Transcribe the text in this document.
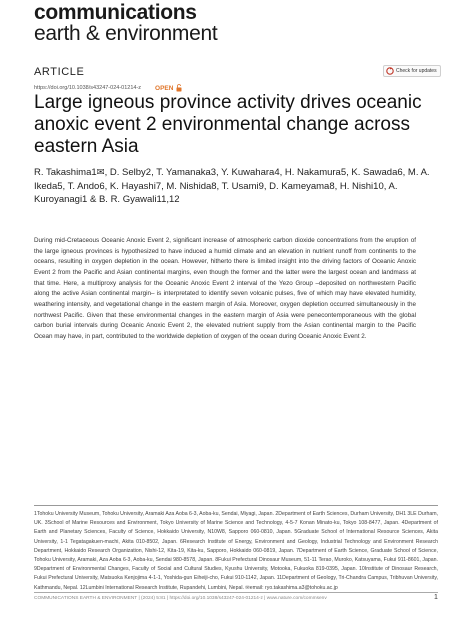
communications
earth & environment
ARTICLE	Check for updates
https://doi.org/10.1038/s43247-024-01214-z OPEN
Large igneous province activity drives oceanic anoxic event 2 environmental change across eastern Asia
R. Takashima1✉, D. Selby2, T. Yamanaka3, Y. Kuwahara4, H. Nakamura5, K. Sawada6, M. A. Ikeda5, T. Ando6, K. Hayashi7, M. Nishida8, T. Usami9, D. Kameyama8, H. Nishi10, A. Kuroyanagi1 & B. R. Gyawali11,12
During mid-Cretaceous Oceanic Anoxic Event 2, significant increase of atmospheric carbon dioxide concentrations from the eruption of the large igneous provinces is hypothesized to have induced a humid climate and an elevation in nutrient runoff from continents to the oceans, resulting in oxygen depletion in the ocean. However, hitherto there is limited insight into the driving factors of Oceanic Anoxic Event 2 from the Pacific and Asian continental margins, even though the former and the latter were the largest ocean and landmass at that time. Here, a multiproxy analysis for the Oceanic Anoxic Event 2 interval of the Yezo Group –deposited on northwestern Pacific along the active Asian continental margin– is interpretated to identify seven volcanic pulses, five of which may have elevated humidity, weathering intensity, and vegetational change in the eastern margin of Asia. Moreover, oxygen depletion occurred simultaneously in the northwest Pacific. Given that these environmental changes in the eastern margin of Asia were penecontemporaneous with the global carbon burial intervals during Oceanic Anoxic Event 2, the elevated nutrient supply from the Asian continental margin to the Pacific Ocean may have, in part, contributed to the worldwide depletion of oxygen of the ocean during Oceanic Anoxic Event 2.
1Tohoku University Museum, Tohoku University, Aramaki Aza Aoba 6-3, Aoba-ku, Sendai, Miyagi, Japan. 2Department of Earth Sciences, Durham University, DH1 3LE Durham, UK. 3School of Marine Resources and Environment, Tokyo University of Marine Science and Technology, 4-5-7 Konan Minato-ku, Tokyo 108-8477, Japan. 4Department of Earth and Planetary Sciences, Faculty of Science, Hokkaido University, N10W8, Sapporo 060-0810, Japan. 5Graduate School of International Resource Sciences, Akita University, 1-1 Tegatagakuen-machi, Akita 010-8502, Japan. 6Research Institute of Energy, Environment and Geology, Industrial Technology and Environment Research Department, Hokkaido Research Organization, Nishi-12, Kita-19, Kita-ku, Sapporo, Hokkaido 060-0819, Japan. 7Department of Earth Science, Graduate School of Science, Tohoku University, Aramaki, Aza Aoba 6-3, Aoba-ku, Sendai 980-8578, Japan. 8Fukui Prefectural Dinosaur Museum, 51-11 Terao, Muroko, Katsuyama, Fukui 911-8601, Japan. 9Department of Environmental Changes, Faculty of Social and Cultural Studies, Kyushu University, Motooka, Fukuoka 819-0395, Japan. 10Institute of Dinosaur Research, Fukui Prefectural University, Matsuoka Kenjojima 4-1-1, Yoshida-gun Eiheiji-cho, Fukui 910-1142, Japan. 11Department of Geology, Tri-Chandra Campus, Tribhuvan University, Kathmandu, Nepal. 12Lumbini International Research Institute, Rupandehi, Lumbini, Nepal. ✉email: ryo.takashima.a3@tohoku.ac.jp
COMMUNICATIONS EARTH & ENVIRONMENT | (2024) 5:81 | https://doi.org/10.1038/s43247-024-01214-z | www.nature.com/commsenv	1
